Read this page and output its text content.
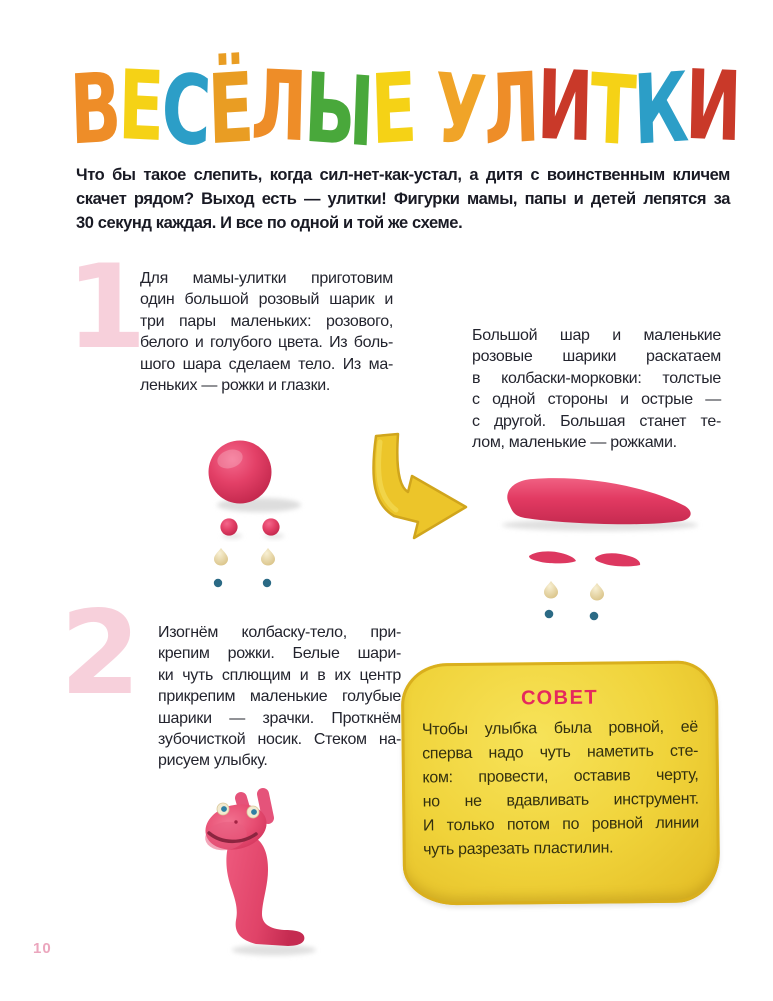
ВЕСЁЛЫЕ УЛИТКИ
Что бы такое слепить, когда сил-нет-как-устал, а дитя с воинственным кличем
скачет рядом? Выход есть — улитки! Фигурки мамы, папы и детей лепятся за
30 секунд каждая. И все по одной и той же схеме.
1
Для мамы-улитки приготовим
один большой розовый шарик и
три пары маленьких: розового,
белого и голубого цвета. Из боль-
шого шара сделаем тело. Из ма-
леньких — рожки и глазки.
Большой шар и маленькие
розовые шарики раскатаем
в колбаски-морковки: толстые
с одной стороны и острые —
с другой. Большая станет те-
лом, маленькие — рожками.
2 Изогнём колбаску-тело, при-
крепим рожки. Белые шари-
ки чуть сплющим и в их центр
прикрепим маленькие голубые
шарики — зрачки. Проткнём
зубочисткой носик. Стеком на-
рисуем улыбку.
СОВЕТ
Чтобы улыбка была ровной, её
сперва надо чуть наметить сте-
ком: провести, оставив черту,
но не вдавливать инструмент.
И только потом по ровной линии
чуть разрезать пластилин.
10
